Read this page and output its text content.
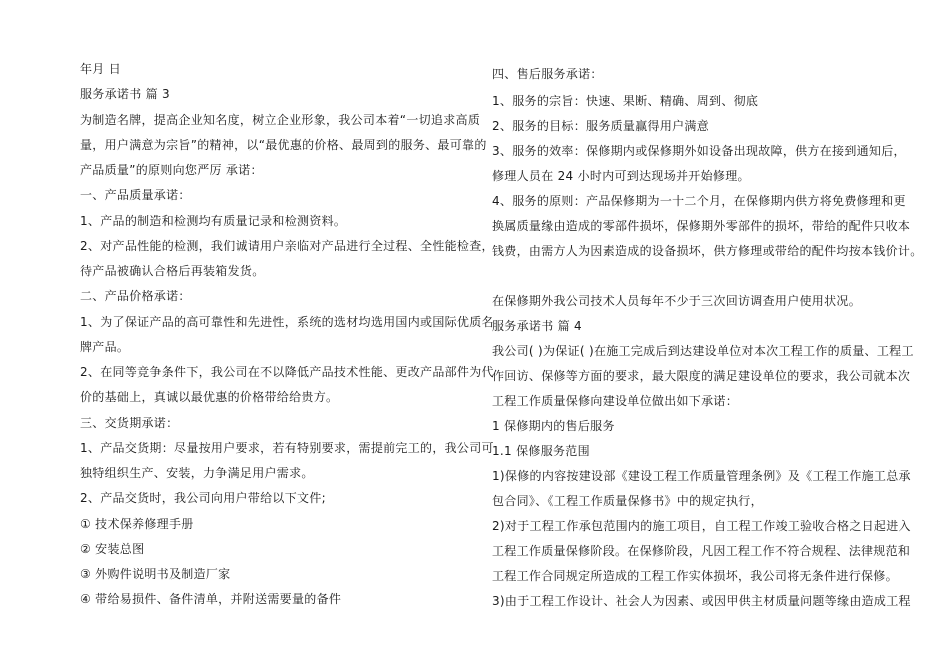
年月 日
服务承诺书 篇 3
为制造名牌，提高企业知名度，树立企业形象，我公司本着“一切追求高质
量，用户满意为宗旨”的精神，以“最优惠的价格、最周到的服务、最可靠的
产品质量”的原则向您严厉 承诺：
一、产品质量承诺：
1、产品的制造和检测均有质量记录和检测资料。
2、对产品性能的检测，我们诚请用户亲临对产品进行全过程、全性能检查，
待产品被确认合格后再装箱发货。
二、产品价格承诺：
1、为了保证产品的高可靠性和先进性，系统的选材均选用国内或国际优质名
牌产品。
2、在同等竞争条件下，我公司在不以降低产品技术性能、更改产品部件为代
价的基础上，真诚以最优惠的价格带给给贵方。
三、交货期承诺：
1、产品交货期：尽量按用户要求，若有特别要求，需提前完工的，我公司可
独特组织生产、安装，力争满足用户需求。
2、产品交货时，我公司向用户带给以下文件;
① 技术保养修理手册
② 安装总图
③ 外购件说明书及制造厂家
④ 带给易损件、备件清单，并附送需要量的备件
四、售后服务承诺：
1、服务的宗旨：快速、果断、精确、周到、彻底
2、服务的目标：服务质量赢得用户满意
3、服务的效率：保修期内或保修期外如设备出现故障，供方在接到通知后，
修理人员在 24 小时内可到达现场并开始修理。
4、服务的原则：产品保修期为一十二个月，在保修期内供方将免费修理和更
换属质量缘由造成的零部件损坏，保修期外零部件的损坏，带给的配件只收本
钱费，由需方人为因素造成的设备损坏，供方修理或带给的配件均按本钱价计。
在保修期外我公司技术人员每年不少于三次回访调查用户使用状况。
服务承诺书 篇 4
我公司( )为保证( )在施工完成后到达建设单位对本次工程工作的质量、工程工
作回访、保修等方面的要求，最大限度的满足建设单位的要求，我公司就本次
工程工作质量保修向建设单位做出如下承诺：
1 保修期内的售后服务
1.1 保修服务范围
1)保修的内容按建设部《建设工程工作质量管理条例》及《工程工作施工总承
包合同》、《工程工作质量保修书》中的规定执行，
2)对于工程工作承包范围内的施工项目，自工程工作竣工验收合格之日起进入
工程工作质量保修阶段。在保修阶段，凡因工程工作不符合规程、法律规范和
工程工作合同规定所造成的工程工作实体损坏，我公司将无条件进行保修。
3)由于工程工作设计、社会人为因素、或因甲供主材质量问题等缘由造成工程
